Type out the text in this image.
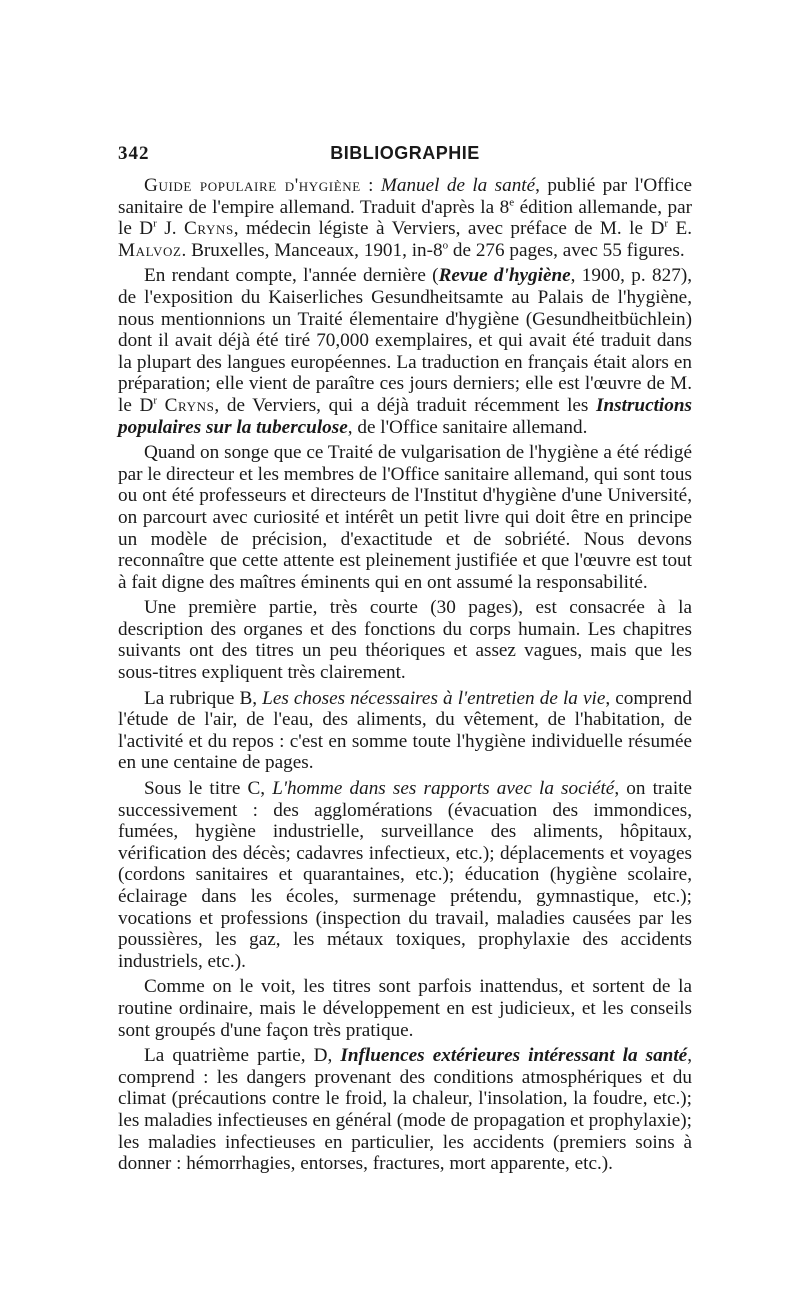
342	BIBLIOGRAPHIE

Guide populaire d'hygiène : Manuel de la santé, publié par l'Office sanitaire de l'empire allemand. Traduit d'après la 8e édition allemande, par le $D^r$ J. Cryns, médecin légiste à Verviers, avec préface de M. le $D^r$ E. Malvoz. Bruxelles, Manceaux, 1901, in-8$^o$ de 276 pages, avec 55 figures.

En rendant compte, l'année dernière (Revue d'hygiène, 1900, p. 827), de l'exposition du Kaiserliches Gesundheitsamte au Palais de l'hygiène, nous mentionnions un Traité élementaire d'hygiène (Gesundheitbüchlein) dont il avait déjà été tiré 70,000 exemplaires, et qui avait été traduit dans la plupart des langues européennes. La traduction en français était alors en préparation; elle vient de paraître ces jours derniers; elle est l'œuvre de M. le $D^r$ Cryns, de Verviers, qui a déjà traduit récemment les Instructions populaires sur la tuberculose, de l'Office sanitaire allemand.

Quand on songe que ce Traité de vulgarisation de l'hygiène a été rédigé par le directeur et les membres de l'Office sanitaire allemand, qui sont tous ou ont été professeurs et directeurs de l'Institut d'hygiène d'une Université, on parcourt avec curiosité et intérêt un petit livre qui doit être en principe un modèle de précision, d'exactitude et de sobriété. Nous devons reconnaître que cette attente est pleinement justifiée et que l'œuvre est tout à fait digne des maîtres éminents qui en ont assumé la responsabilité.

Une première partie, très courte (30 pages), est consacrée à la description des organes et des fonctions du corps humain. Les chapitres suivants ont des titres un peu théoriques et assez vagues, mais que les sous-titres expliquent très clairement.

La rubrique B, Les choses nécessaires à l'entretien de la vie, comprend l'étude de l'air, de l'eau, des aliments, du vêtement, de l'habitation, de l'activité et du repos : c'est en somme toute l'hygiène individuelle résumée en une centaine de pages.

Sous le titre C, L'homme dans ses rapports avec la société, on traite successivement : des agglomérations (évacuation des immondices, fumées, hygiène industrielle, surveillance des aliments, hôpitaux, vérification des décès; cadavres infectieux, etc.); déplacements et voyages (cordons sanitaires et quarantaines, etc.); éducation (hygiène scolaire, éclairage dans les écoles, surmenage prétendu, gymnastique, etc.); vocations et professions (inspection du travail, maladies causées par les poussières, les gaz, les métaux toxiques, prophylaxie des accidents industriels, etc.).

Comme on le voit, les titres sont parfois inattendus, et sortent de la routine ordinaire, mais le développement en est judicieux, et les conseils sont groupés d'une façon très pratique.

La quatrième partie, D, Influences extérieures intéressant la santé, comprend : les dangers provenant des conditions atmosphériques et du climat (précautions contre le froid, la chaleur, l'insolation, la foudre, etc.); les maladies infectieuses en général (mode de propagation et prophylaxie); les maladies infectieuses en particulier, les accidents (premiers soins à donner : hémorrhagies, entorses, fractures, mort apparente, etc.).
